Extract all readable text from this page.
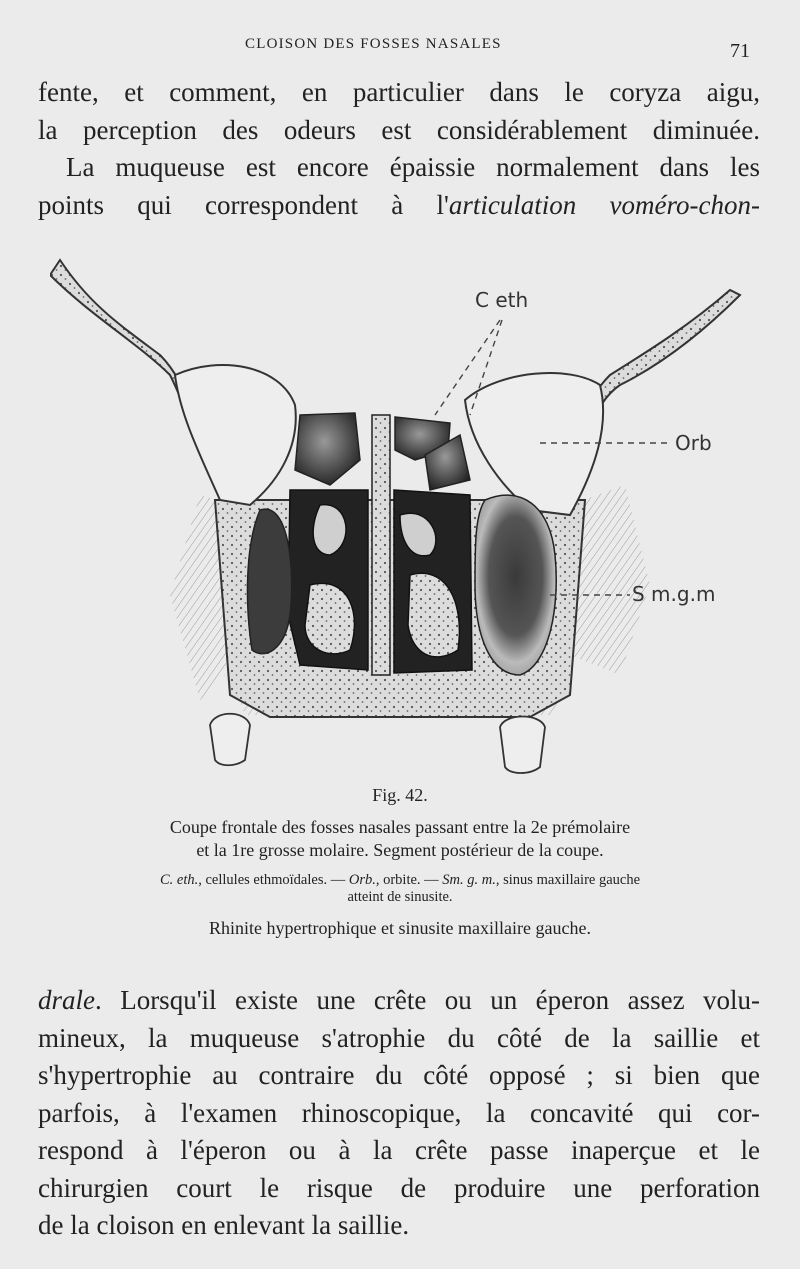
CLOISON DES FOSSES NASALES	71
fente, et comment, en particulier dans le coryza aigu,
la perception des odeurs est considérablement diminuée.
La muqueuse est encore épaissie normalement dans les
points qui correspondent à l'articulation voméro-chon-
C eth
Orb
S m.g.m

Fig. 42.

Coupe frontale des fosses nasales passant entre la 2e prémolaire
et la 1re grosse molaire. Segment postérieur de la coupe.

C. eth., cellules ethmoïdales. — Orb., orbite. — Sm. g. m., sinus maxillaire gauche
atteint de sinusite.

Rhinite hypertrophique et sinusite maxillaire gauche.

drale. Lorsqu'il existe une crête ou un éperon assez volu-
mineux, la muqueuse s'atrophie du côté de la saillie et
s'hypertrophie au contraire du côté opposé ; si bien que
parfois, à l'examen rhinoscopique, la concavité qui cor-
respond à l'éperon ou à la crête passe inaperçue et le
chirurgien court le risque de produire une perforation
de la cloison en enlevant la saillie.
